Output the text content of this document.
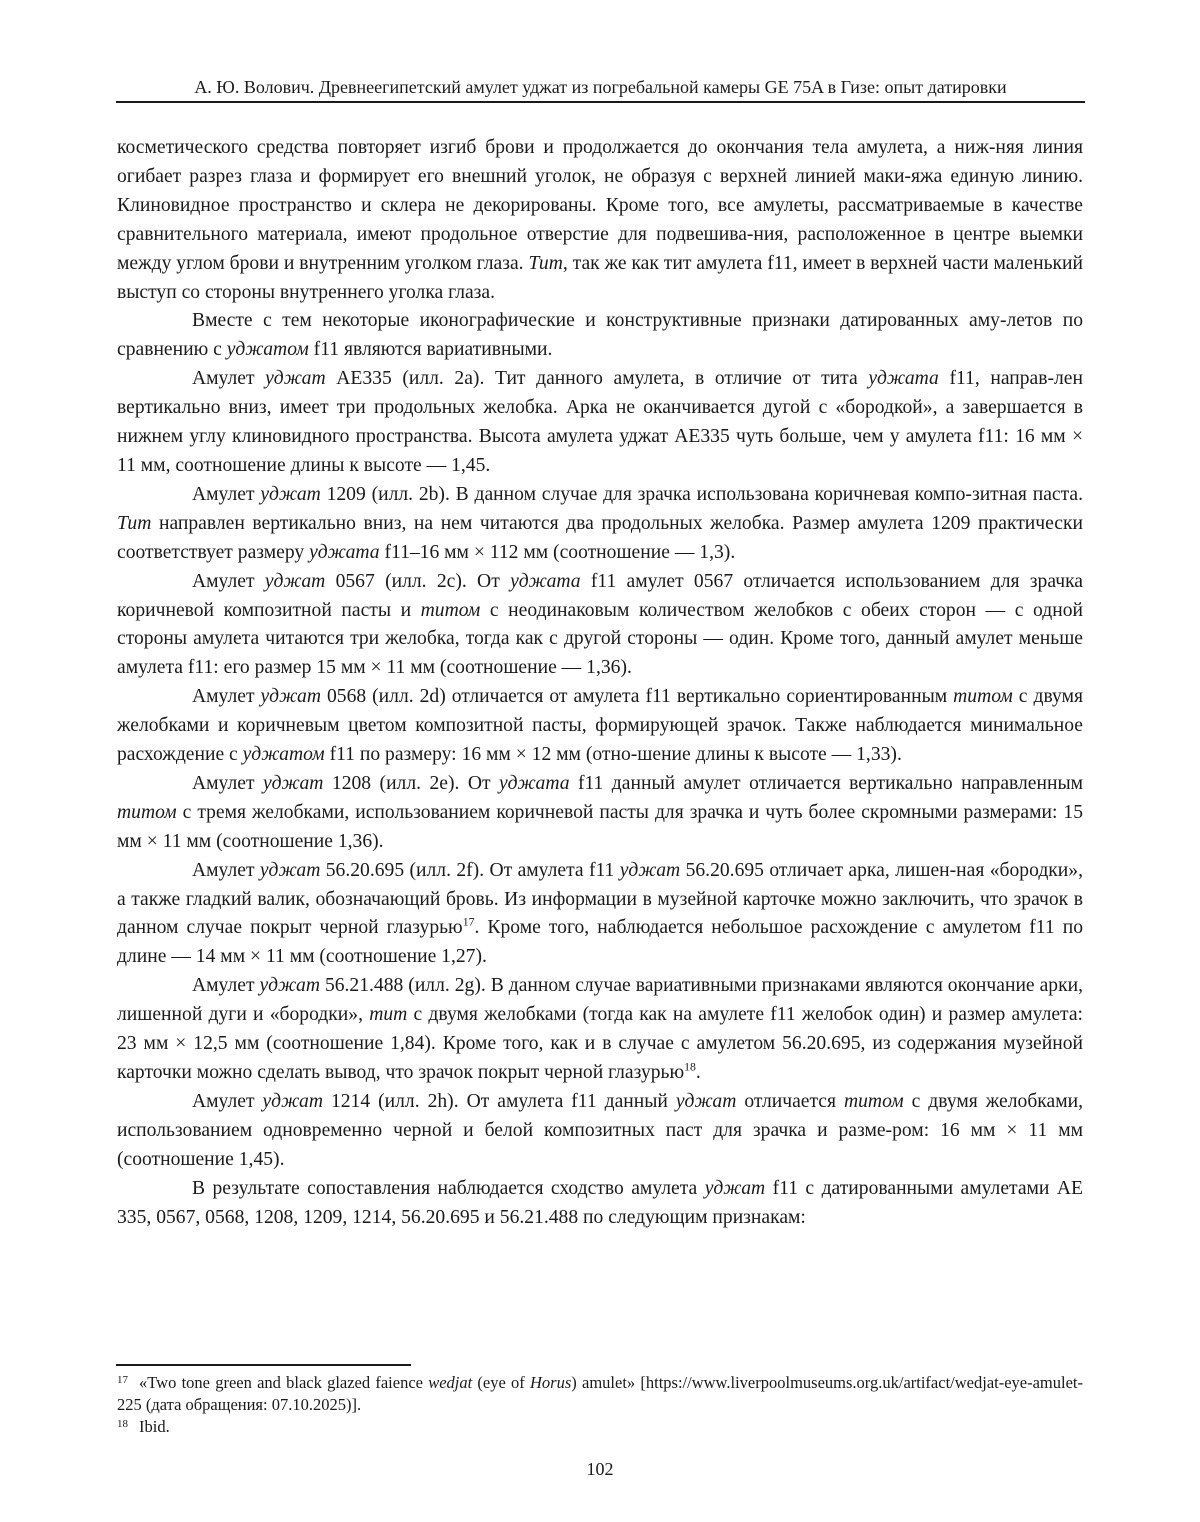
А. Ю. Волович. Древнеегипетский амулет уджат из погребальной камеры GE 75A в Гизе: опыт датировки

косметического средства повторяет изгиб брови и продолжается до окончания тела амулета, а ниж-няя линия огибает разрез глаза и формирует его внешний уголок, не образуя с верхней линией маки-яжа единую линию. Клиновидное пространство и склера не декорированы. Кроме того, все амулеты, рассматриваемые в качестве сравнительного материала, имеют продольное отверстие для подвешива-ния, расположенное в центре выемки между углом брови и внутренним уголком глаза. Тит, так же как тит амулета f11, имеет в верхней части маленький выступ со стороны внутреннего уголка глаза.

Вместе с тем некоторые иконографические и конструктивные признаки датированных аму-летов по сравнению с уджатом f11 являются вариативными.

Амулет уджат AE335 (илл. 2a). Тит данного амулета, в отличие от тита уджата f11, направ-лен вертикально вниз, имеет три продольных желобка. Арка не оканчивается дугой с «бородкой», а завершается в нижнем углу клиновидного пространства. Высота амулета уджат AE335 чуть больше, чем у амулета f11: 16 мм × 11 мм, соотношение длины к высоте — 1,45.

Амулет уджат 1209 (илл. 2b). В данном случае для зрачка использована коричневая компо-зитная паста. Тит направлен вертикально вниз, на нем читаются два продольных желобка. Размер амулета 1209 практически соответствует размеру уджата f11–16 мм × 112 мм (соотношение — 1,3).

Амулет уджат 0567 (илл. 2c). От уджата f11 амулет 0567 отличается использованием для зрачка коричневой композитной пасты и титом с неодинаковым количеством желобков с обеих сторон — с одной стороны амулета читаются три желобка, тогда как с другой стороны — один. Кроме того, данный амулет меньше амулета f11: его размер 15 мм × 11 мм (соотношение — 1,36).

Амулет уджат 0568 (илл. 2d) отличается от амулета f11 вертикально сориентированным титом с двумя желобками и коричневым цветом композитной пасты, формирующей зрачок. Также наблюдается минимальное расхождение с уджатом f11 по размеру: 16 мм × 12 мм (отно-шение длины к высоте — 1,33).

Амулет уджат 1208 (илл. 2e). От уджата f11 данный амулет отличается вертикально направленным титом с тремя желобками, использованием коричневой пасты для зрачка и чуть более скромными размерами: 15 мм × 11 мм (соотношение 1,36).

Амулет уджат 56.20.695 (илл. 2f). От амулета f11 уджат 56.20.695 отличает арка, лишен-ная «бородки», а также гладкий валик, обозначающий бровь. Из информации в музейной карточке можно заключить, что зрачок в данном случае покрыт черной глазурью$^{17}$. Кроме того, наблюдается небольшое расхождение с амулетом f11 по длине — 14 мм × 11 мм (соотношение 1,27).

Амулет уджат 56.21.488 (илл. 2g). В данном случае вариативными признаками являются окончание арки, лишенной дуги и «бородки», тит с двумя желобками (тогда как на амулете f11 желобок один) и размер амулета: 23 мм × 12,5 мм (соотношение 1,84). Кроме того, как и в случае с амулетом 56.20.695, из содержания музейной карточки можно сделать вывод, что зрачок покрыт черной глазурью$^{18}$.

Амулет уджат 1214 (илл. 2h). От амулета f11 данный уджат отличается титом с двумя желобками, использованием одновременно черной и белой композитных паст для зрачка и разме-ром: 16 мм × 11 мм (соотношение 1,45).

В результате сопоставления наблюдается сходство амулета уджат f11 с датированными амулетами AE 335, 0567, 0568, 1208, 1209, 1214, 56.20.695 и 56.21.488 по следующим признакам:

17 «Two tone green and black glazed faience wedjat (eye of Horus) amulet» [https://www.liverpoolmuseums.org.uk/artifact/wedjat-eye-amulet-225 (дата обращения: 07.10.2025)].

18 Ibid.

102
